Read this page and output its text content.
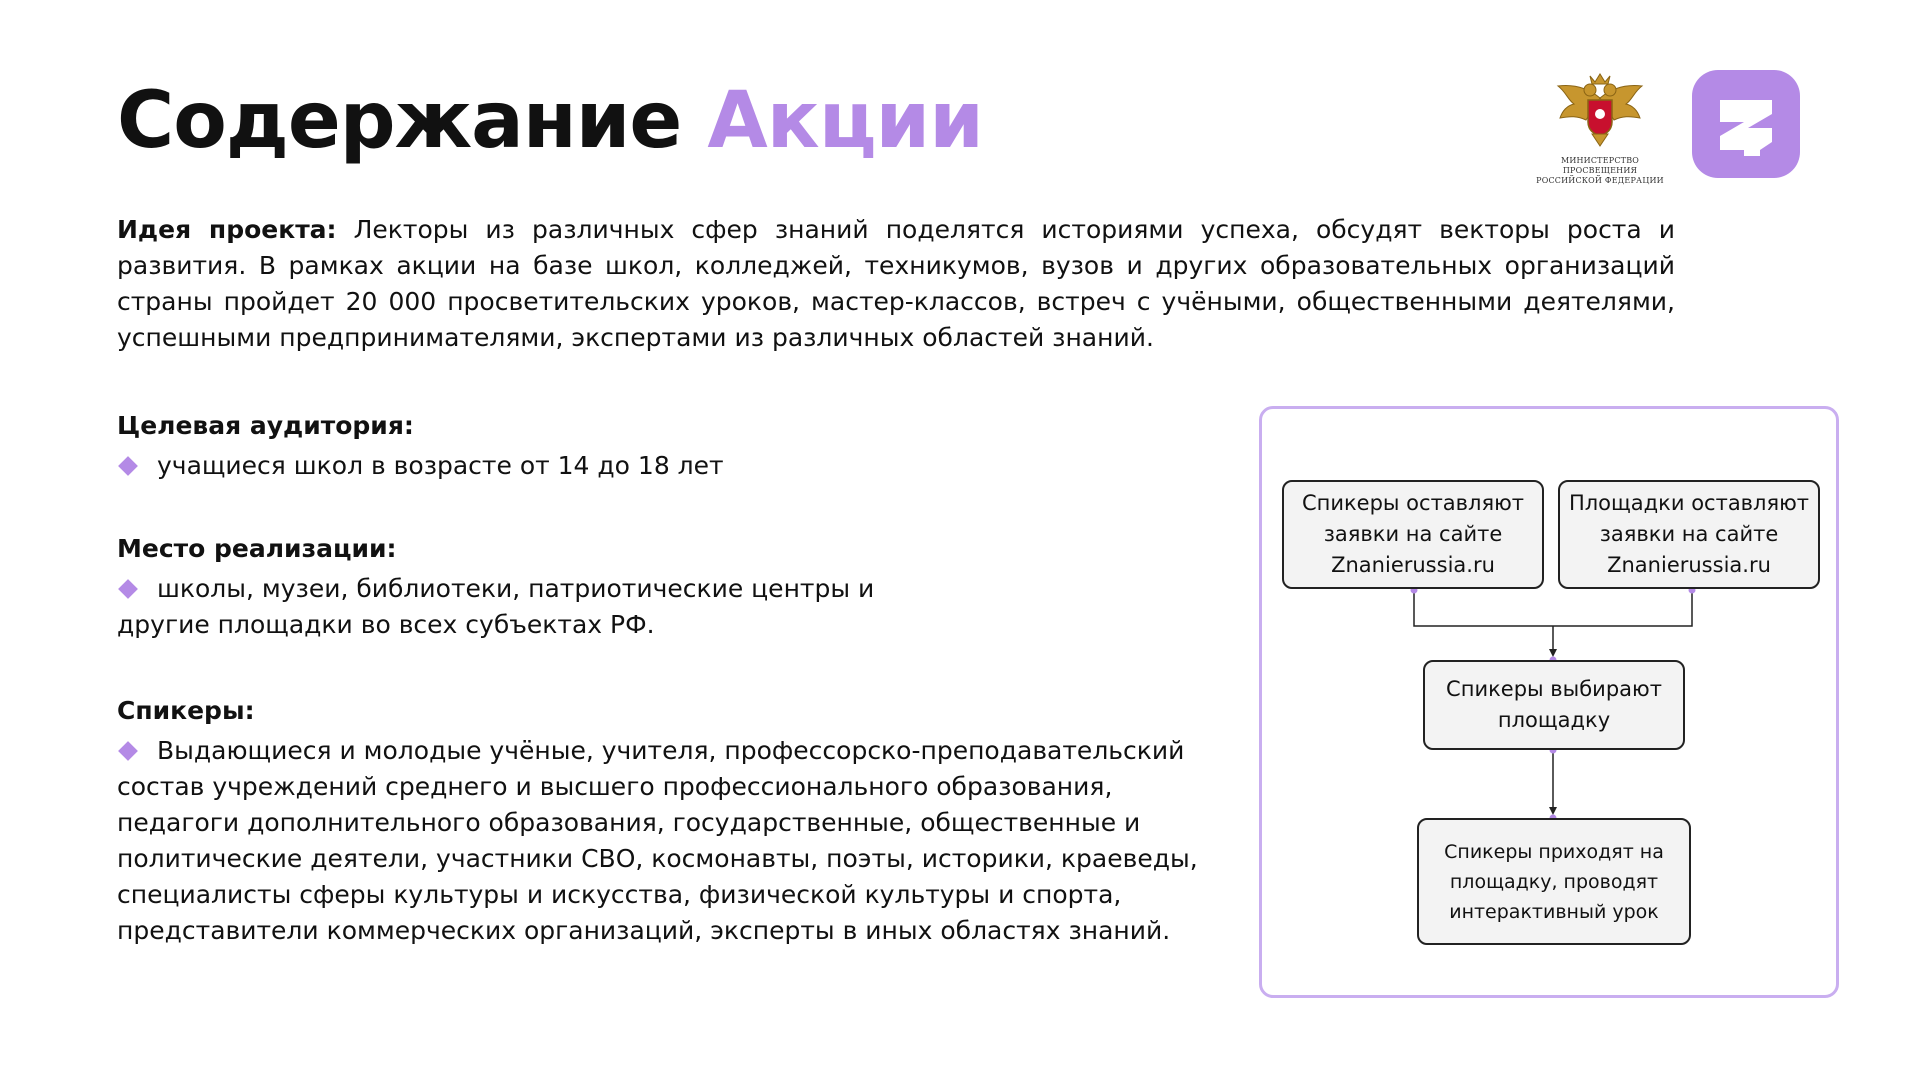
Содержание Акции	МИНИСТЕРСТВО ПРОСВЕЩЕНИЯ
РОССИЙСКОЙ ФЕДЕРАЦИИ

Идея проекта: Лекторы из различных сфер знаний поделятся историями успеха, обсудят векторы роста и развития. В рамках акции на базе школ, колледжей, техникумов, вузов и других образовательных организаций страны пройдет 20 000 просветительских уроков, мастер-классов, встреч с учёными, общественными деятелями, успешными предпринимателями, экспертами из различных областей знаний.

Целевая аудитория:

учащиеся школ в возрасте от 14 до 18 лет

Место реализации:

школы, музеи, библиотеки, патриотические центры и другие площадки во всех субъектах РФ.

Спикеры:

Выдающиеся и молодые учёные, учителя, профессорско-преподавательский состав учреждений среднего и высшего профессионального образования, педагоги дополнительного образования, государственные, общественные и политические деятели, участники СВО, космонавты, поэты, историки, краеведы, специалисты сферы культуры и искусства, физической культуры и спорта, представители коммерческих организаций, эксперты в иных областях знаний.

Спикеры оставляют заявки на сайте Znanierussia.ru
Площадки оставляют заявки на сайте Znanierussia.ru
Спикеры выбирают площадку
Спикеры приходят на площадку, проводят интерактивный урок
